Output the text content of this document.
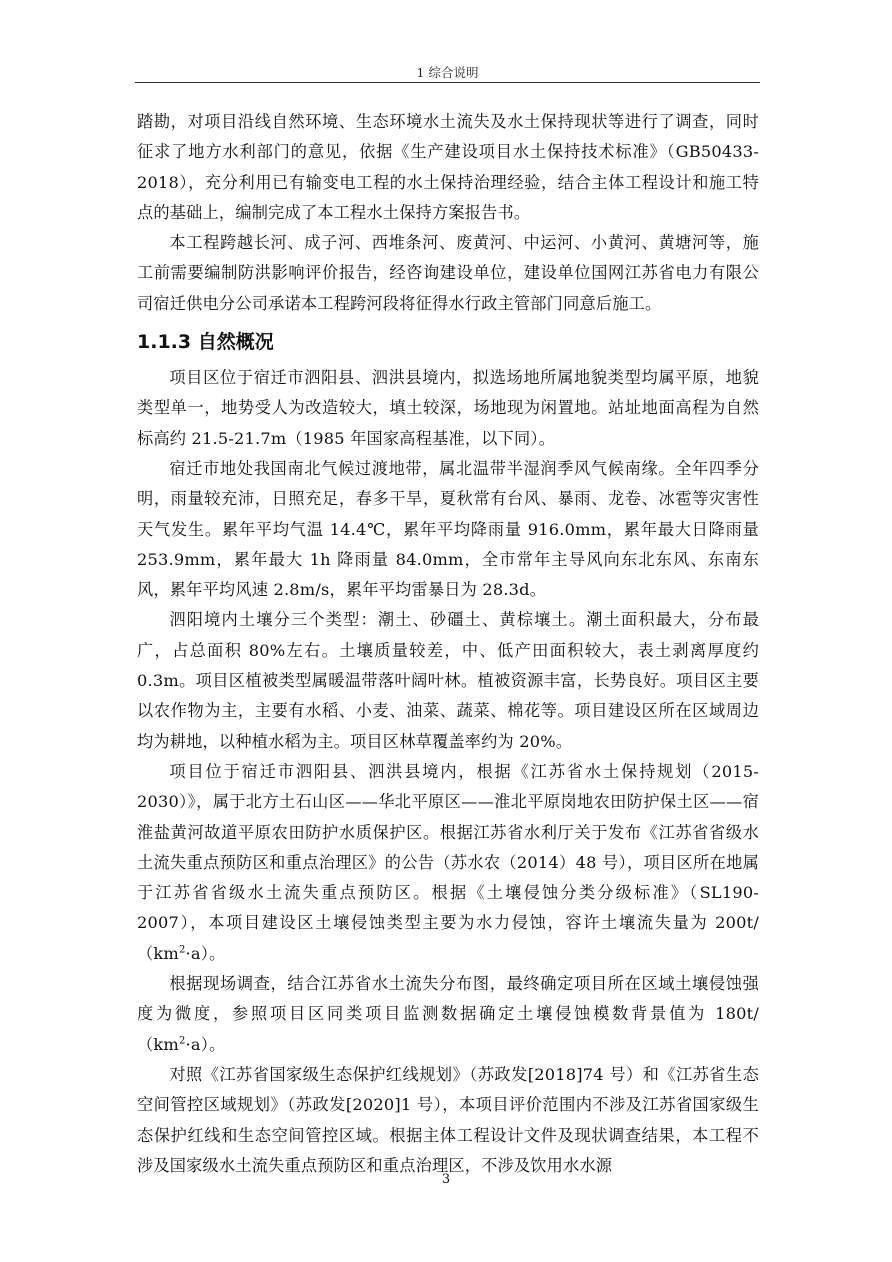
1 综合说明

踏勘，对项目沿线自然环境、生态环境水土流失及水土保持现状等进行了调查，同时征求了地方水利部门的意见，依据《生产建设项目水土保持技术标准》（GB50433-2018），充分利用已有输变电工程的水土保持治理经验，结合主体工程设计和施工特点的基础上，编制完成了本工程水土保持方案报告书。

本工程跨越长河、成子河、西堆条河、废黄河、中运河、小黄河、黄塘河等，施工前需要编制防洪影响评价报告，经咨询建设单位，建设单位国网江苏省电力有限公司宿迁供电分公司承诺本工程跨河段将征得水行政主管部门同意后施工。

1.1.3 自然概况

项目区位于宿迁市泗阳县、泗洪县境内，拟选场地所属地貌类型均属平原，地貌类型单一，地势受人为改造较大，填土较深，场地现为闲置地。站址地面高程为自然标高约 21.5-21.7m（1985 年国家高程基准，以下同）。

宿迁市地处我国南北气候过渡地带，属北温带半湿润季风气候南缘。全年四季分明，雨量较充沛，日照充足，春多干旱，夏秋常有台风、暴雨、龙卷、冰雹等灾害性天气发生。累年平均气温 14.4℃，累年平均降雨量 916.0mm，累年最大日降雨量 253.9mm，累年最大 1h 降雨量 84.0mm，全市常年主导风向东北东风、东南东风，累年平均风速 2.8m/s，累年平均雷暴日为 28.3d。

泗阳境内土壤分三个类型：潮土、砂礓土、黄棕壤土。潮土面积最大，分布最广，占总面积 80%左右。土壤质量较差，中、低产田面积较大，表土剥离厚度约 0.3m。项目区植被类型属暖温带落叶阔叶林。植被资源丰富，长势良好。项目区主要以农作物为主，主要有水稻、小麦、油菜、蔬菜、棉花等。项目建设区所在区域周边均为耕地，以种植水稻为主。项目区林草覆盖率约为 20%。

项目位于宿迁市泗阳县、泗洪县境内，根据《江苏省水土保持规划（2015-2030）》，属于北方土石山区——华北平原区——淮北平原岗地农田防护保土区——宿淮盐黄河故道平原农田防护水质保护区。根据江苏省水利厅关于发布《江苏省省级水土流失重点预防区和重点治理区》的公告（苏水农（2014）48 号），项目区所在地属于江苏省省级水土流失重点预防区。根据《土壤侵蚀分类分级标准》（SL190-2007），本项目建设区土壤侵蚀类型主要为水力侵蚀，容许土壤流失量为 $200t/(km^2\cdot a)$。

根据现场调查，结合江苏省水土流失分布图，最终确定项目所在区域土壤侵蚀强度为微度，参照项目区同类项目监测数据确定土壤侵蚀模数背景值为 $180t/(km^2\cdot a)$。

对照《江苏省国家级生态保护红线规划》（苏政发[2018]74 号）和《江苏省生态空间管控区域规划》（苏政发[2020]1 号），本项目评价范围内不涉及江苏省国家级生态保护红线和生态空间管控区域。根据主体工程设计文件及现状调查结果，本工程不涉及国家级水土流失重点预防区和重点治理区，不涉及饮用水水源

3
